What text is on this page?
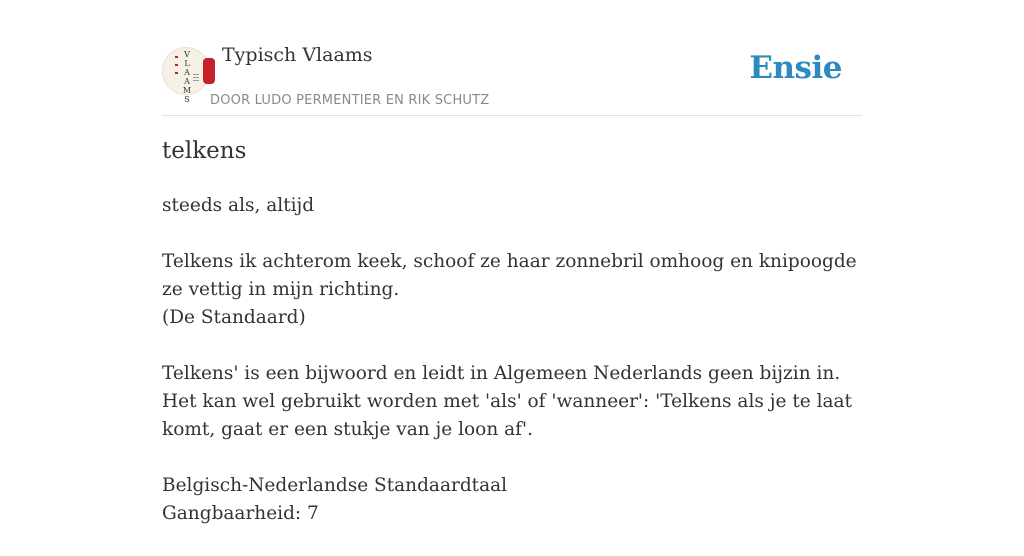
V
L
A
A
M
S
Typisch Vlaams
DOOR LUDO PERMENTIER EN RIK SCHUTZ
Ensie
telkens

steeds als, altijd

Telkens ik achterom keek, schoof ze haar zonnebril omhoog en knipoogde ze vettig in mijn richting.
(De Standaard)

Telkens' is een bijwoord en leidt in Algemeen Nederlands geen bijzin in. Het kan wel gebruikt worden met 'als' of 'wanneer': 'Telkens als je te laat komt, gaat er een stukje van je loon af'.

Belgisch-Nederlandse Standaardtaal
Gangbaarheid: 7
